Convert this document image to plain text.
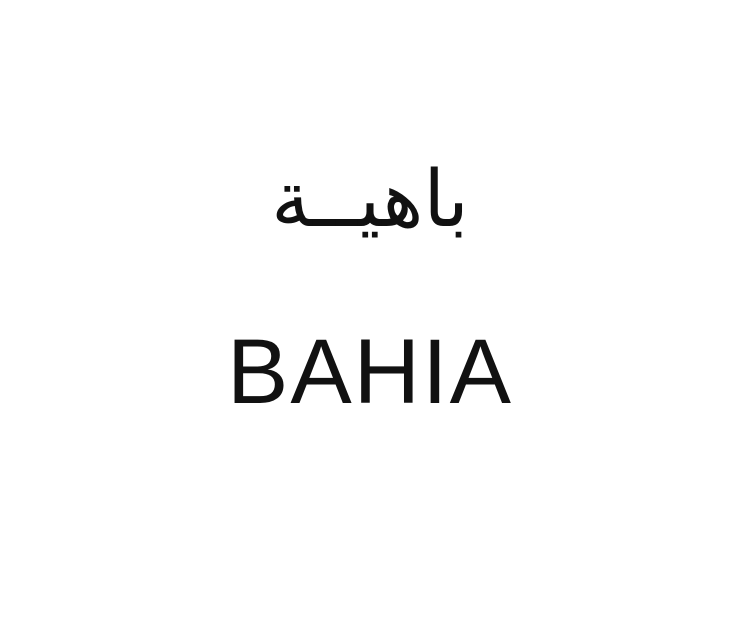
باهيــة
BAHIA
